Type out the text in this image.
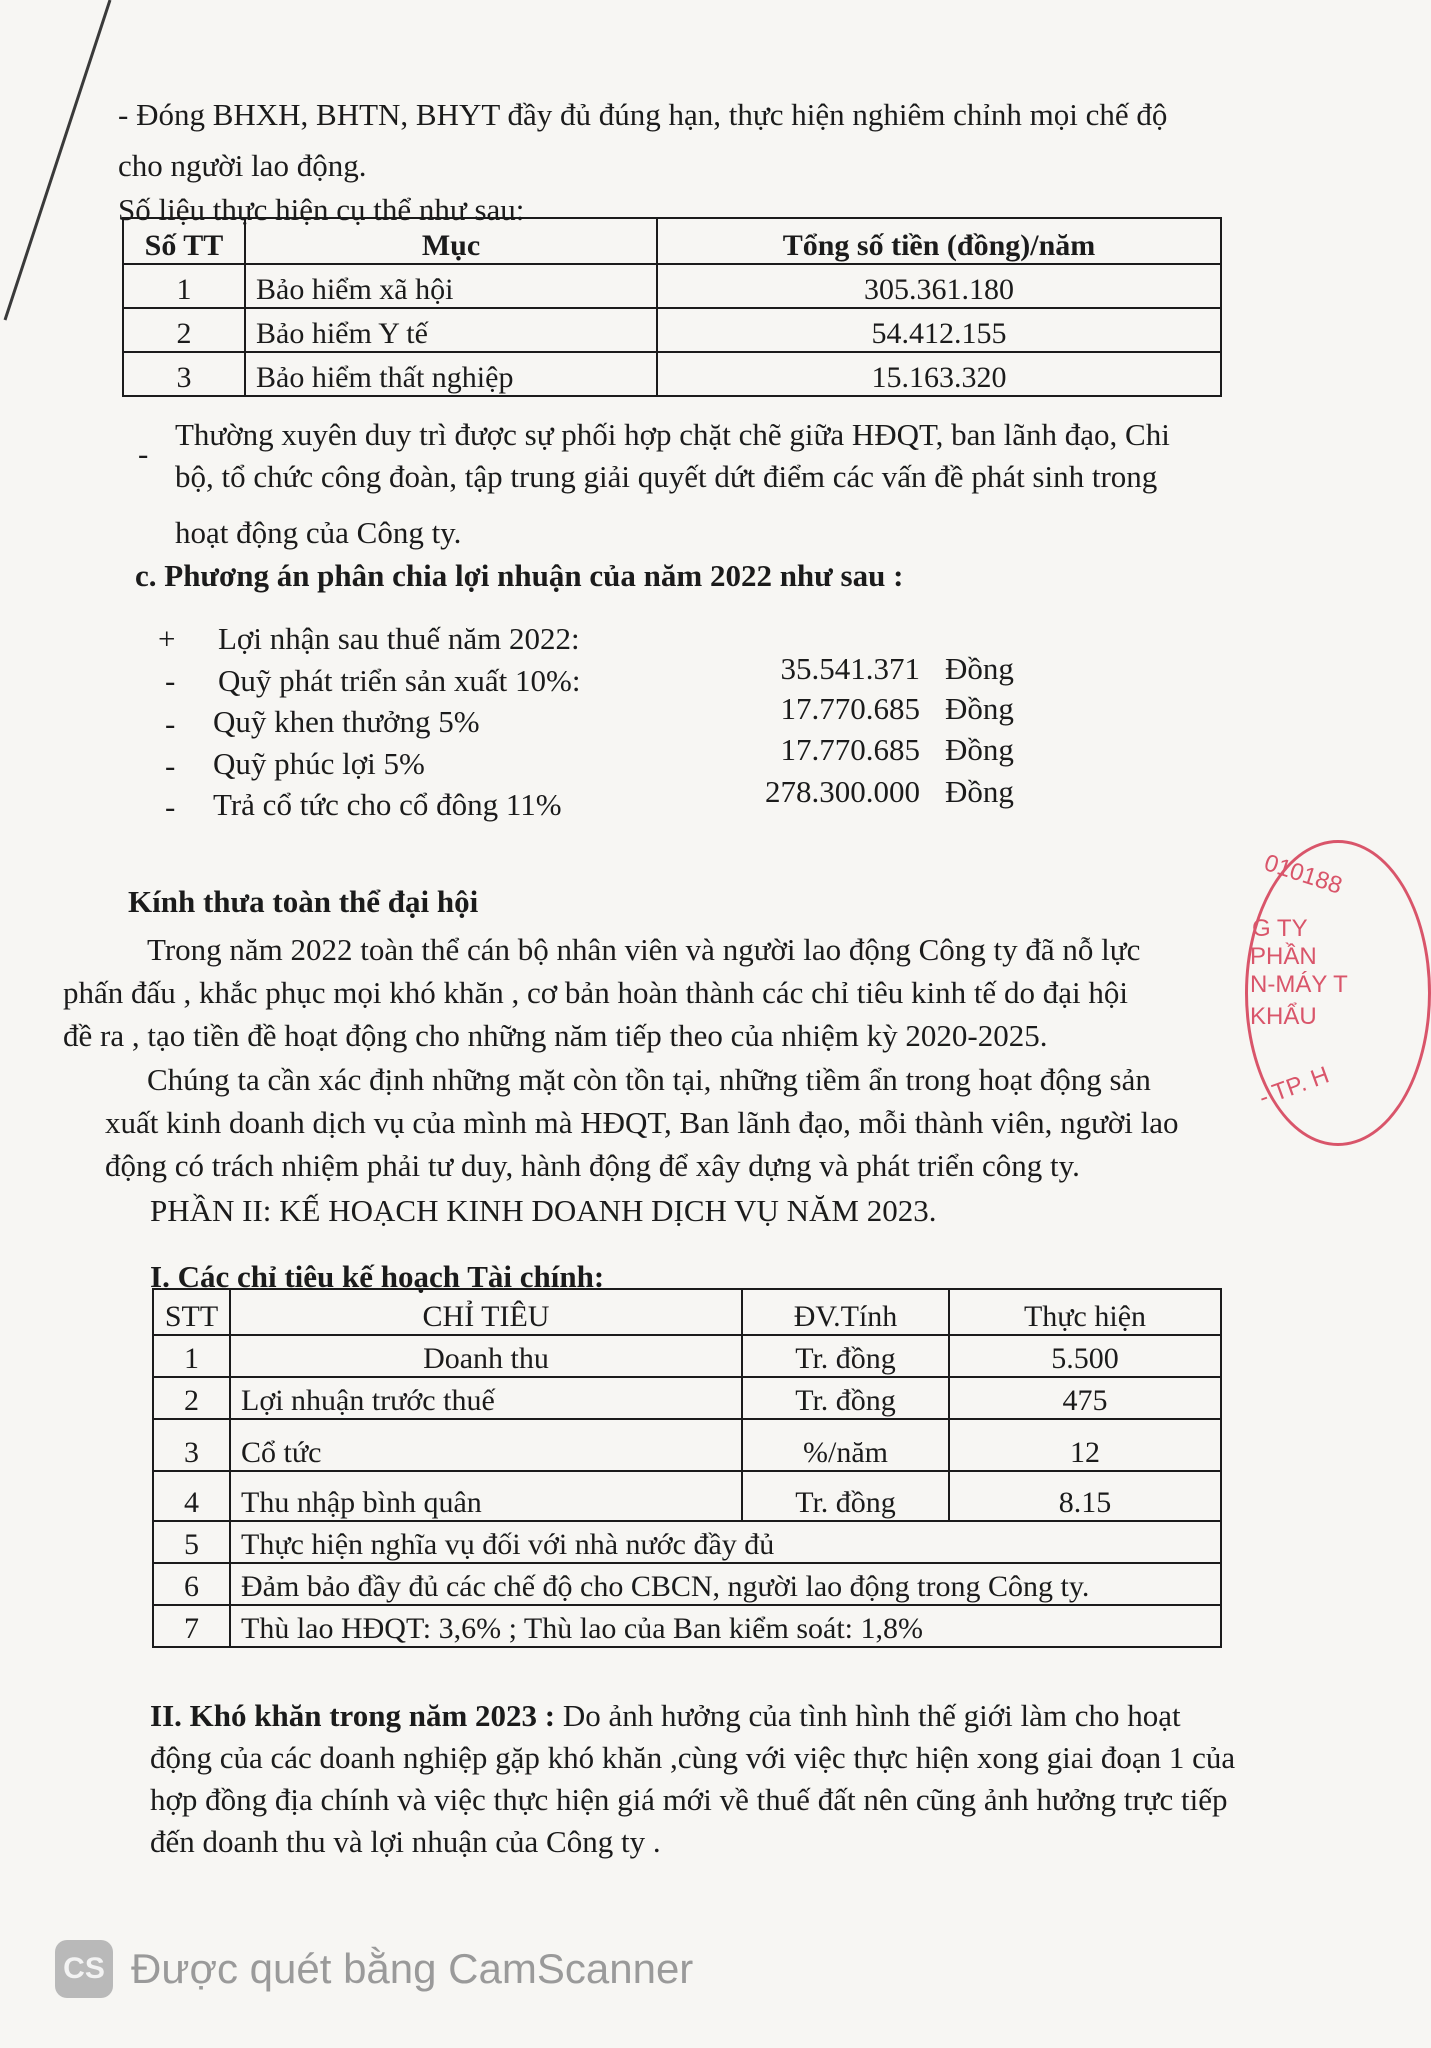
- Đóng BHXH, BHTN, BHYT đầy đủ đúng hạn, thực hiện nghiêm chỉnh mọi chế độ

cho người lao động.

Số liệu thực hiện cụ thể như sau:

Số TT	Mục	Tổng số tiền (đồng)/năm
1	Bảo hiểm xã hội	305.361.180
2	Bảo hiểm Y tế	54.412.155
3	Bảo hiểm thất nghiệp	15.163.320

-

Thường xuyên duy trì được sự phối hợp chặt chẽ giữa HĐQT, ban lãnh đạo, Chi

bộ, tổ chức công đoàn, tập trung giải quyết dứt điểm các vấn đề phát sinh trong

hoạt động của Công ty.

c. Phương án phân chia lợi nhuận của năm 2022 như sau :

+ Lợi nhận sau thuế năm 2022:
- Quỹ phát triển sản xuất 10%:	35.541.371 Đồng
- Quỹ khen thưởng 5%	17.770.685 Đồng
- Quỹ phúc lợi 5%	17.770.685 Đồng
- Trả cổ tức cho cổ đông 11%	278.300.000 Đồng

Kính thưa toàn thể đại hội

Trong năm 2022 toàn thể cán bộ nhân viên và người lao động Công ty đã nỗ lực phấn đấu , khắc phục mọi khó khăn , cơ bản hoàn thành các chỉ tiêu kinh tế do đại hội đề ra , tạo tiền đề hoạt động cho những năm tiếp theo của nhiệm kỳ 2020-2025.

Chúng ta cần xác định những mặt còn tồn tại, những tiềm ẩn trong hoạt động sản xuất kinh doanh dịch vụ của mình mà HĐQT, Ban lãnh đạo, mỗi thành viên, người lao động có trách nhiệm phải tư duy, hành động để xây dựng và phát triển công ty.

PHẦN II: KẾ HOẠCH KINH DOANH DỊCH VỤ NĂM 2023.

I. Các chỉ tiêu kế hoạch Tài chính:

STT	CHỈ TIÊU	ĐV.Tính	Thực hiện
1	Doanh thu	Tr. đồng	5.500
2	Lợi nhuận trước thuế	Tr. đồng	475
3	Cổ tức	%/năm	12
4	Thu nhập bình quân	Tr. đồng	8.15
5	Thực hiện nghĩa vụ đối với nhà nước đầy đủ		
6	Đảm bảo đầy đủ các chế độ cho CBCN, người lao động trong Công ty.		
7	Thù lao HĐQT: 3,6% ; Thù lao của Ban kiểm soát: 1,8%		

II. Khó khăn trong năm 2023 : Do ảnh hưởng của tình hình thế giới làm cho hoạt động của các doanh nghiệp gặp khó khăn ,cùng với việc thực hiện xong giai đoạn 1 của hợp đồng địa chính và việc thực hiện giá mới về thuế đất nên cũng ảnh hưởng trực tiếp đến doanh thu và lợi nhuận của Công ty .

010188
G TY
PHẦN
N-MÁY T
KHẨU
- TP. H
CS Được quét bằng CamScanner
